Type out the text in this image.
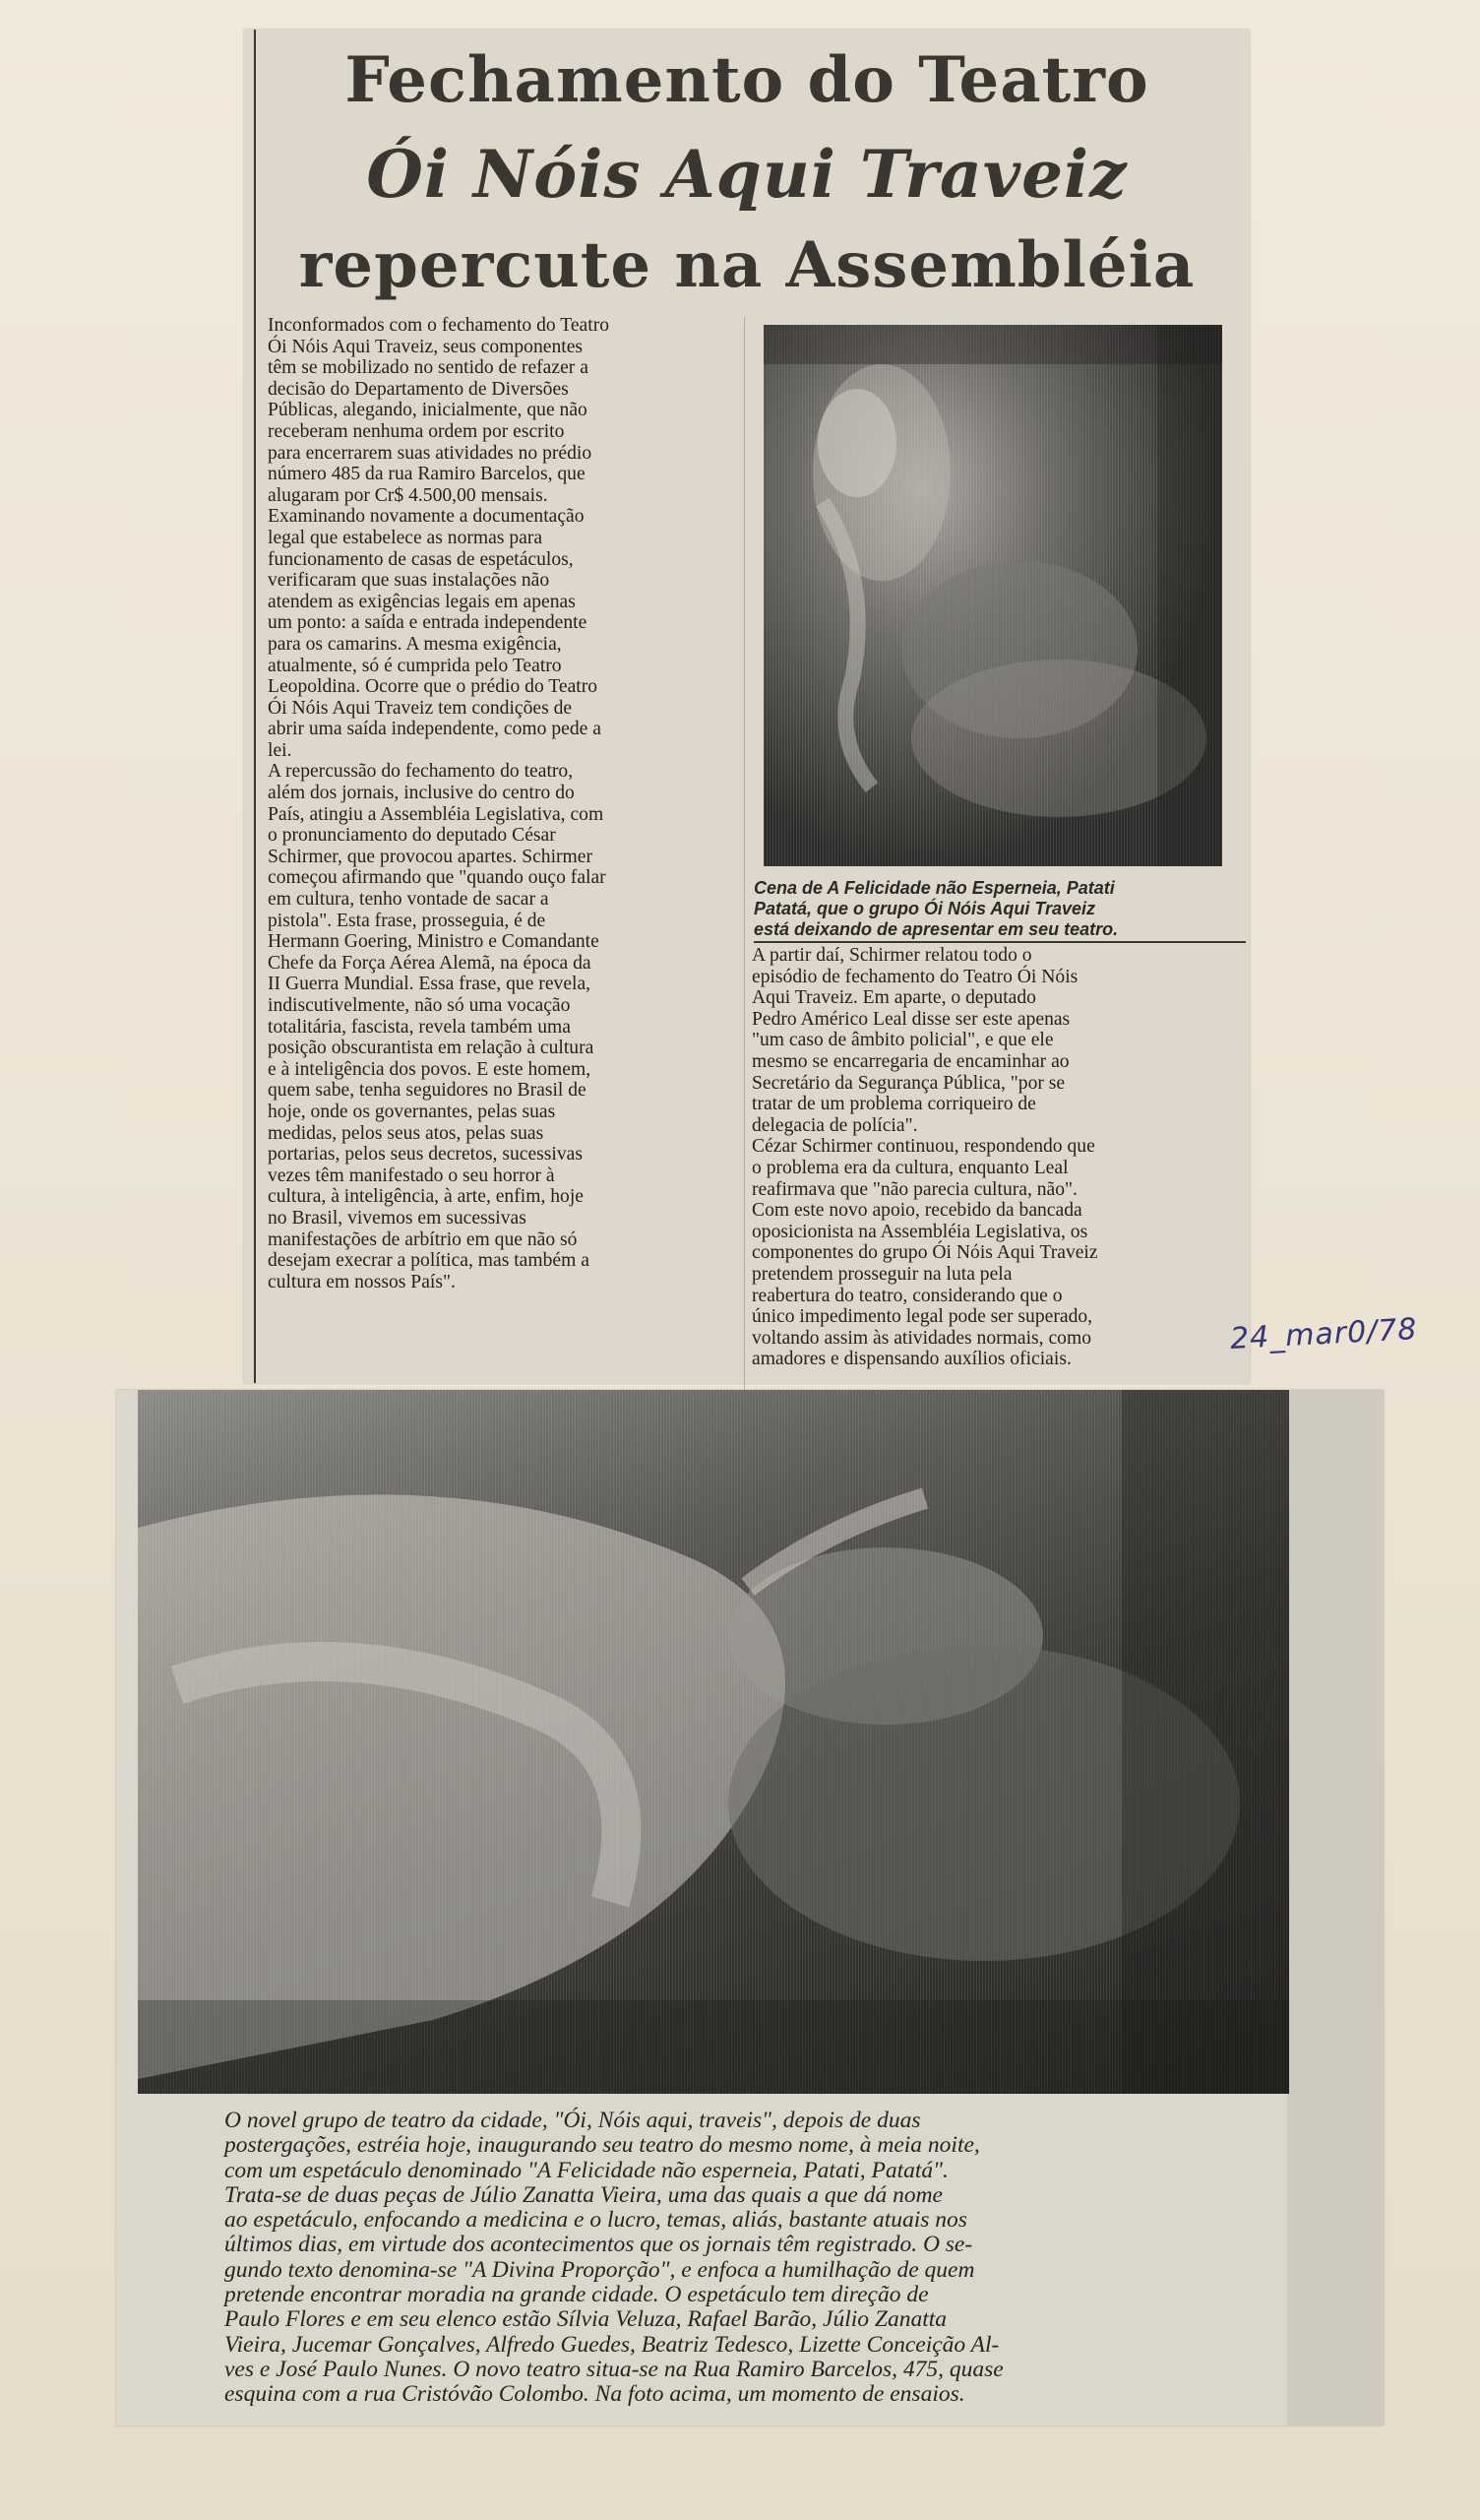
Fechamento do Teatro
Ói Nóis Aqui Traveiz
repercute na Assembléia

Inconformados com o fechamento do Teatro

Ói Nóis Aqui Traveiz, seus componentes

têm se mobilizado no sentido de refazer a

decisão do Departamento de Diversões

Públicas, alegando, inicialmente, que não

receberam nenhuma ordem por escrito

para encerrarem suas atividades no prédio

número 485 da rua Ramiro Barcelos, que

alugaram por Cr$ 4.500,00 mensais.

Examinando novamente a documentação

legal que estabelece as normas para

funcionamento de casas de espetáculos,

verificaram que suas instalações não

atendem as exigências legais em apenas

um ponto: a saída e entrada independente

para os camarins. A mesma exigência,

atualmente, só é cumprida pelo Teatro

Leopoldina. Ocorre que o prédio do Teatro

Ói Nóis Aqui Traveiz tem condições de

abrir uma saída independente, como pede a

lei.

A repercussão do fechamento do teatro,

além dos jornais, inclusive do centro do

País, atingiu a Assembléia Legislativa, com

o pronunciamento do deputado César

Schirmer, que provocou apartes. Schirmer

começou afirmando que "quando ouço falar

em cultura, tenho vontade de sacar a

pistola". Esta frase, prosseguia, é de

Hermann Goering, Ministro e Comandante

Chefe da Força Aérea Alemã, na época da

II Guerra Mundial. Essa frase, que revela,

indiscutivelmente, não só uma vocação

totalitária, fascista, revela também uma

posição obscurantista em relação à cultura

e à inteligência dos povos. E este homem,

quem sabe, tenha seguidores no Brasil de

hoje, onde os governantes, pelas suas

medidas, pelos seus atos, pelas suas

portarias, pelos seus decretos, sucessivas

vezes têm manifestado o seu horror à

cultura, à inteligência, à arte, enfim, hoje

no Brasil, vivemos em sucessivas

manifestações de arbítrio em que não só

desejam execrar a política, mas também a

cultura em nossos País".

Cena de A Felicidade não Esperneia, Patati

Patatá, que o grupo Ói Nóis Aqui Traveiz

está deixando de apresentar em seu teatro.

A partir daí, Schirmer relatou todo o

episódio de fechamento do Teatro Ói Nóis

Aqui Traveiz. Em aparte, o deputado

Pedro Américo Leal disse ser este apenas

"um caso de âmbito policial", e que ele

mesmo se encarregaria de encaminhar ao

Secretário da Segurança Pública, "por se

tratar de um problema corriqueiro de

delegacia de polícia".

Cézar Schirmer continuou, respondendo que

o problema era da cultura, enquanto Leal

reafirmava que "não parecia cultura, não".

Com este novo apoio, recebido da bancada

oposicionista na Assembléia Legislativa, os

componentes do grupo Ói Nóis Aqui Traveiz

pretendem prosseguir na luta pela

reabertura do teatro, considerando que o

único impedimento legal pode ser superado,

voltando assim às atividades normais, como

amadores e dispensando auxílios oficiais.

24_mar0/78

O novel grupo de teatro da cidade, "Ói, Nóis aqui, traveis", depois de duas

postergações, estréia hoje, inaugurando seu teatro do mesmo nome, à meia noite,

com um espetáculo denominado "A Felicidade não esperneia, Patati, Patatá".

Trata-se de duas peças de Júlio Zanatta Vieira, uma das quais a que dá nome

ao espetáculo, enfocando a medicina e o lucro, temas, aliás, bastante atuais nos

últimos dias, em virtude dos acontecimentos que os jornais têm registrado. O se-

gundo texto denomina-se "A Divina Proporção", e enfoca a humilhação de quem

pretende encontrar moradia na grande cidade. O espetáculo tem direção de

Paulo Flores e em seu elenco estão Sílvia Veluza, Rafael Barão, Júlio Zanatta

Vieira, Jucemar Gonçalves, Alfredo Guedes, Beatriz Tedesco, Lizette Conceição Al-

ves e José Paulo Nunes. O novo teatro situa-se na Rua Ramiro Barcelos, 475, quase

esquina com a rua Cristóvão Colombo. Na foto acima, um momento de ensaios.
